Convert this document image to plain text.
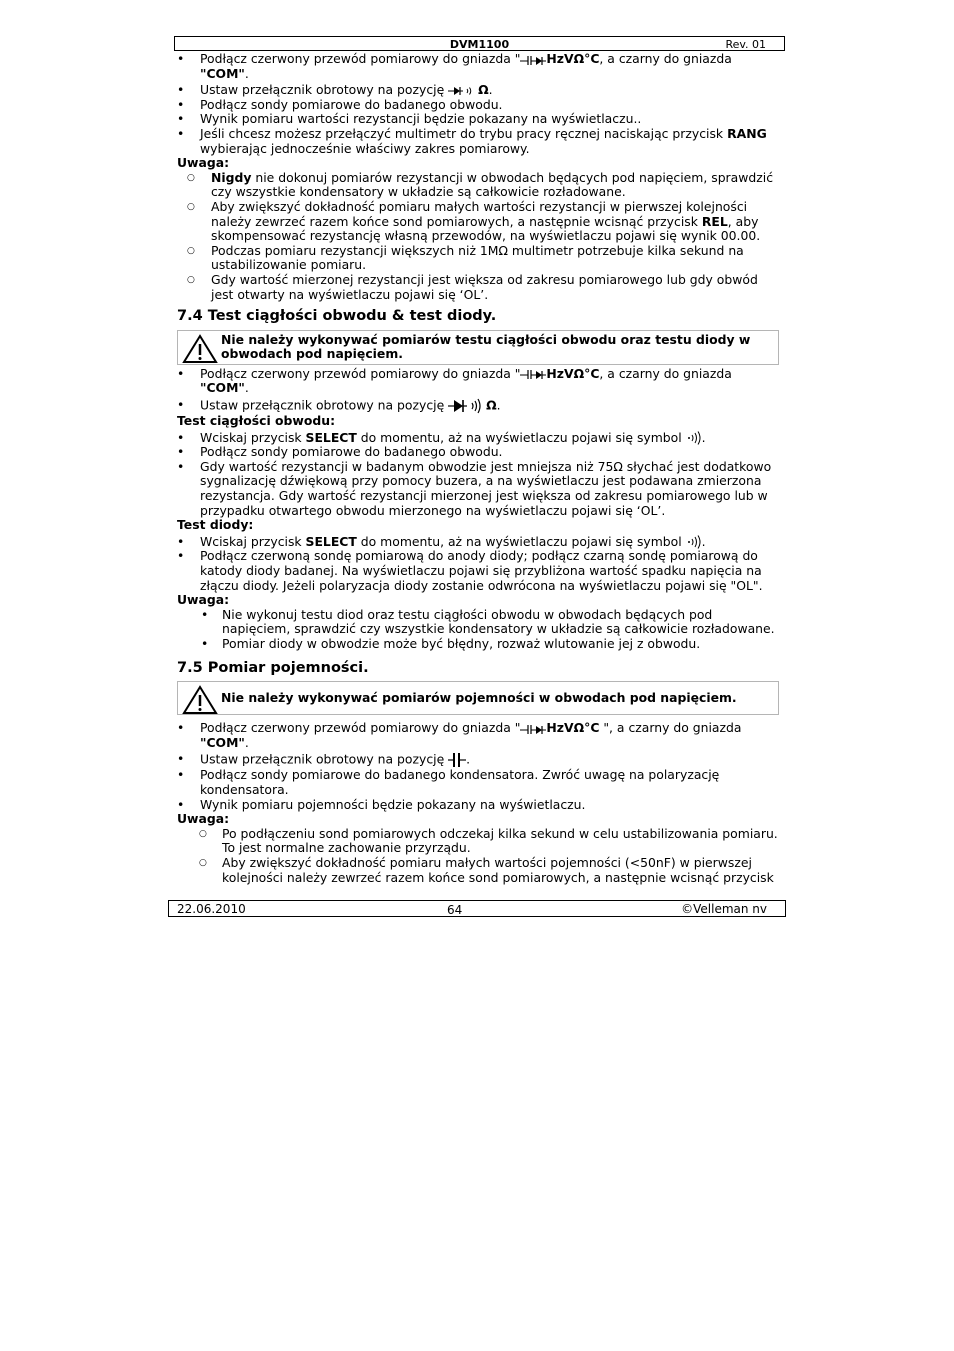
DVM1100	Rev. 01
• Podłącz czerwony przewód pomiarowy do gniazda " HzVΩ°C, a czarny do gniazda
"COM".
• Ustaw przełącznik obrotowy na pozycję	Ω.
• Podłącz sondy pomiarowe do badanego obwodu.
• Wynik pomiaru wartości rezystancji będzie pokazany na wyświetlaczu..
• Jeśli chcesz możesz przełączyć multimetr do trybu pracy ręcznej naciskając przycisk RANG
wybierając jednocześnie właściwy zakres pomiarowy.
Uwaga:
○ Nigdy nie dokonuj pomiarów rezystancji w obwodach będących pod napięciem, sprawdzić czy wszystkie kondensatory w układzie są całkowicie rozładowane.
○ Aby zwiększyć dokładność pomiaru małych wartości rezystancji w pierwszej kolejności należy zewrzeć razem końce sond pomiarowych, a następnie wcisnąć przycisk REL, aby skompensować rezystancję własną przewodów, na wyświetlaczu pojawi się wynik 00.00.
○ Podczas pomiaru rezystancji większych niż 1MΩ multimetr potrzebuje kilka sekund na ustabilizowanie pomiaru.
○ Gdy wartość mierzonej rezystancji jest większa od zakresu pomiarowego lub gdy obwód jest otwarty na wyświetlaczu pojawi się ‘OL’.
7.4 Test ciągłości obwodu & test diody.
Nie należy wykonywać pomiarów testu ciągłości obwodu oraz testu diody w obwodach pod napięciem.
• Podłącz czerwony przewód pomiarowy do gniazda " HzVΩ°C, a czarny do gniazda
"COM".
• Ustaw przełącznik obrotowy na pozycję	Ω.
Test ciągłości obwodu:
• Wciskaj przycisk SELECT do momentu, aż na wyświetlaczu pojawi się symbol .
• Podłącz sondy pomiarowe do badanego obwodu.
• Gdy wartość rezystancji w badanym obwodzie jest mniejsza niż 75Ω słychać jest dodatkowo sygnalizację dźwiękową przy pomocy buzera, a na wyświetlaczu jest podawana zmierzona rezystancja. Gdy wartość rezystancji mierzonej jest większa od zakresu pomiarowego lub w przypadku otwartego obwodu mierzonego na wyświetlaczu pojawi się ‘OL’.
Test diody:
• Wciskaj przycisk SELECT do momentu, aż na wyświetlaczu pojawi się symbol .
• Podłącz czerwoną sondę pomiarową do anody diody; podłącz czarną sondę pomiarową do katody diody badanej. Na wyświetlaczu pojawi się przybliżona wartość spadku napięcia na złączu diody. Jeżeli polaryzacja diody zostanie odwrócona na wyświetlaczu pojawi się "OL".
Uwaga:
• Nie wykonuj testu diod oraz testu ciągłości obwodu w obwodach będących pod napięciem, sprawdzić czy wszystkie kondensatory w układzie są całkowicie rozładowane.
• Pomiar diody w obwodzie może być błędny, rozważ wlutowanie jej z obwodu.
7.5 Pomiar pojemności.
Nie należy wykonywać pomiarów pojemności w obwodach pod napięciem.
• Podłącz czerwony przewód pomiarowy do gniazda " HzVΩ°C ", a czarny do gniazda
"COM".
• Ustaw przełącznik obrotowy na pozycję .
• Podłącz sondy pomiarowe do badanego kondensatora. Zwróć uwagę na polaryzację kondensatora.
• Wynik pomiaru pojemności będzie pokazany na wyświetlaczu.
Uwaga:
○ Po podłączeniu sond pomiarowych odczekaj kilka sekund w celu ustabilizowania pomiaru. To jest normalne zachowanie przyrządu.
○ Aby zwiększyć dokładność pomiaru małych wartości pojemności (<50nF) w pierwszej kolejności należy zewrzeć razem końce sond pomiarowych, a następnie wcisnąć przycisk
22.06.2010	64	©Velleman nv
